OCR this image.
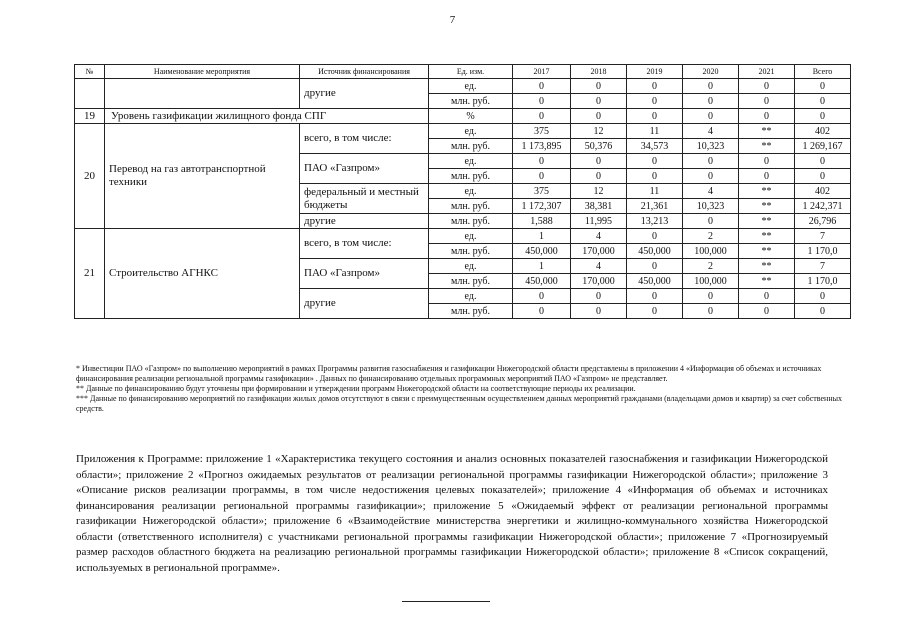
7
№	Наименование мероприятия	Источник финансирования	Ед. изм.	2017	2018	2019	2020	2021	Всего
		другие	ед.	0	0	0	0	0	0
			млн. руб.	0	0	0	0	0	0
19	Уровень газификации жилищного фонда СПГ		%	0	0	0	0	0	0
20	Перевод на газ автотранспортной техники	всего, в том числе:	ед.	375	12	11	4	**	402
			млн. руб.	1 173,895	50,376	34,573	10,323	**	1 269,167
		ПАО «Газпром»	ед.	0	0	0	0	0	0
			млн. руб.	0	0	0	0	0	0
		федеральный и местный бюджеты	ед.	375	12	11	4	**	402
			млн. руб.	1 172,307	38,381	21,361	10,323	**	1 242,371
		другие	млн. руб.	1,588	11,995	13,213	0	**	26,796
21	Строительство АГНКС	всего, в том числе:	ед.	1	4	0	2	**	7
			млн. руб.	450,000	170,000	450,000	100,000	**	1 170,0
		ПАО «Газпром»	ед.	1	4	0	2	**	7
			млн. руб.	450,000	170,000	450,000	100,000	**	1 170,0
		другие	ед.	0	0	0	0	0	0
			млн. руб.	0	0	0	0	0	0

* Инвестиции ПАО «Газпром» по выполнению мероприятий в рамках Программы развития газоснабжения и газификации Нижегородской области представлены в приложении 4 «Информация об объемах и источниках финансирования реализации региональной программы газификации» . Данных по финансированию отдельных программных мероприятий ПАО «Газпром» не представляет.

** Данные по финансированию будут уточнены при формировании и утверждении программ Нижегородской области на соответствующие периоды их реализации.

*** Данные по финансированию мероприятий по газификации жилых домов отсутствуют в связи с преимущественным осуществлением данных мероприятий гражданами (владельцами домов и квартир) за счет собственных средств.

Приложения к Программе: приложение 1 «Характеристика текущего состояния и анализ основных показателей газоснабжения и газификации Нижегородской области»; приложение 2 «Прогноз ожидаемых результатов от реализации региональной программы газификации Нижегородской области»; приложение 3 «Описание рисков реализации программы, в том числе недостижения целевых показателей»; приложение 4 «Информация об объемах и источниках финансирования реализации региональной программы газификации»; приложение 5 «Ожидаемый эффект от реализации региональной программы газификации Нижегородской области»; приложение 6 «Взаимодействие министерства энергетики и жилищно-коммунального хозяйства Нижегородской области (ответственного исполнителя) с участниками региональной программы газификации Нижегородской области»; приложение 7 «Прогнозируемый размер расходов областного бюджета на реализацию региональной программы газификации Нижегородской области»; приложение 8 «Список сокращений, используемых в региональной программе».
